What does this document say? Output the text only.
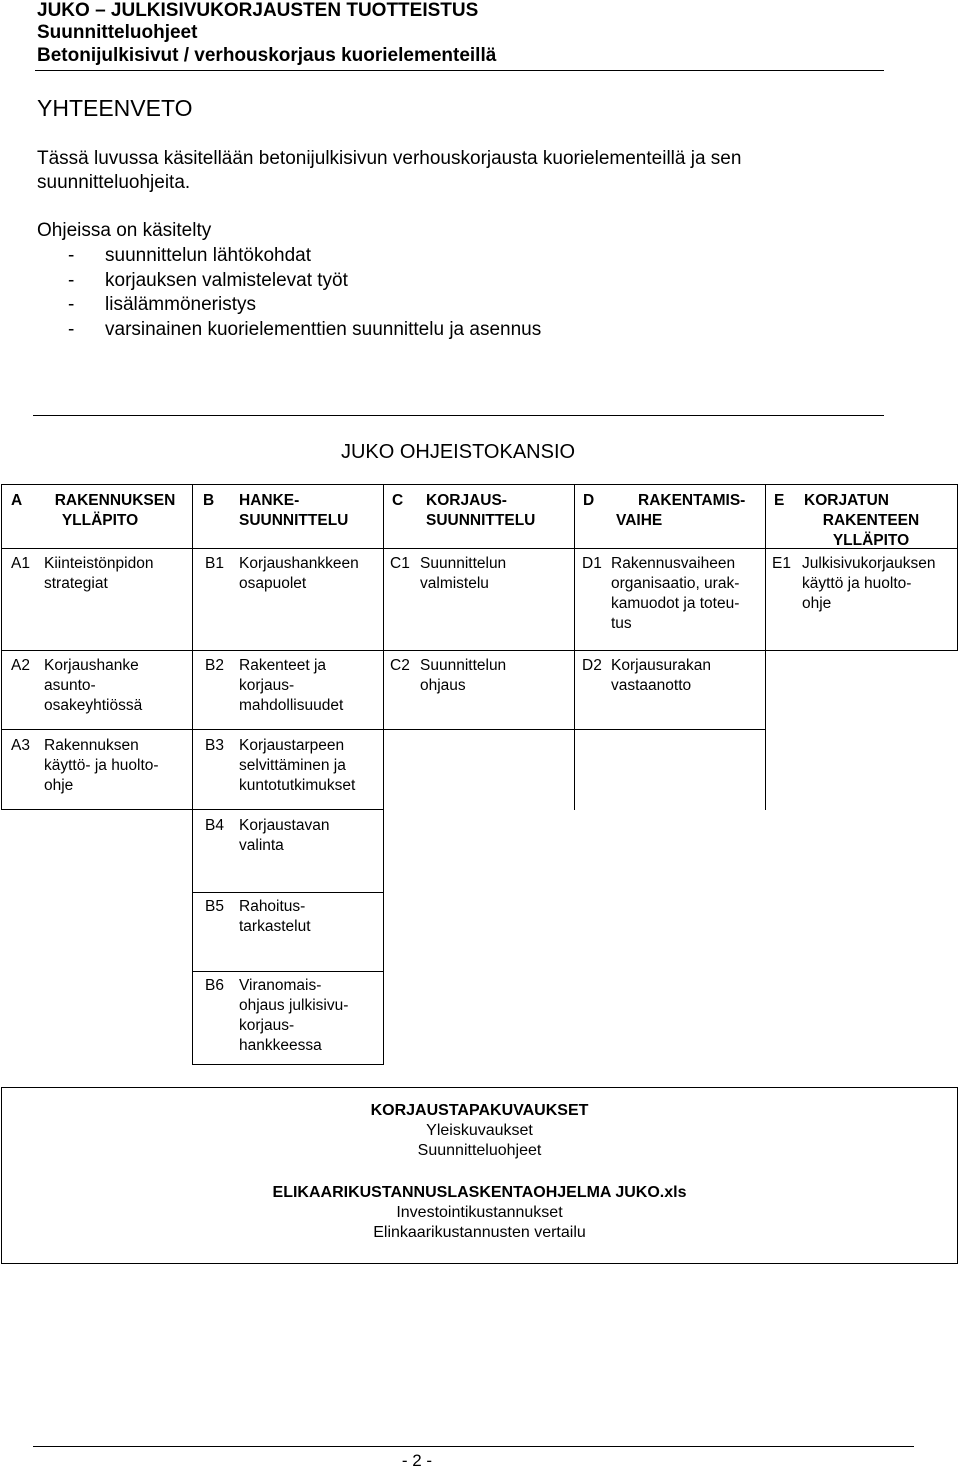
JUKO – JULKISIVUKORJAUSTEN TUOTTEISTUS
Suunnitteluohjeet
Betonijulkisivut / verhouskorjaus kuorielementeillä
YHTEENVETO
Tässä luvussa käsitellään betonijulkisivun verhouskorjausta kuorielementeillä ja sen
suunnitteluohjeita.
Ohjeissa on käsitelty
- suunnittelun lähtökohdat
- korjauksen valmistelevat työt
- lisälämmöneristys
- varsinainen kuorielementtien suunnittelu ja asennus
JUKO OHJEISTOKANSIO
A	RAKENNUKSEN
YLLÄPITO
B HANKE-
SUUNNITTELU
C KORJAUS-
SUUNNITTELU
D	RAKENTAMIS-
VAIHE
E KORJATUN
RAKENTEEN
YLLÄPITO
A1 Kiinteistönpidon
strategiat
B1 Korjaushankkeen
osapuolet
C1 Suunnittelun
valmistelu
D1 Rakennusvaiheen
organisaatio, urak-
kamuodot ja toteu-
tus
E1 Julkisivukorjauksen
käyttö ja huolto-
ohje
A2 Korjaushanke
asunto-
osakeyhtiössä
B2 Rakenteet ja
korjaus-
mahdollisuudet
C2 Suunnittelun
ohjaus
D2 Korjausurakan
vastaanotto
A3 Rakennuksen
käyttö- ja huolto-
ohje
B3 Korjaustarpeen
selvittäminen ja
kuntotutkimukset
B4 Korjaustavan
valinta
B5 Rahoitus-
tarkastelut
B6 Viranomais-
ohjaus julkisivu-
korjaus-
hankkeessa
KORJAUSTAPAKUVAUKSET
Yleiskuvaukset
Suunnitteluohjeet
ELIKAARIKUSTANNUSLASKENTAOHJELMA JUKO.xls
Investointikustannukset
Elinkaarikustannusten vertailu
- 2 -
